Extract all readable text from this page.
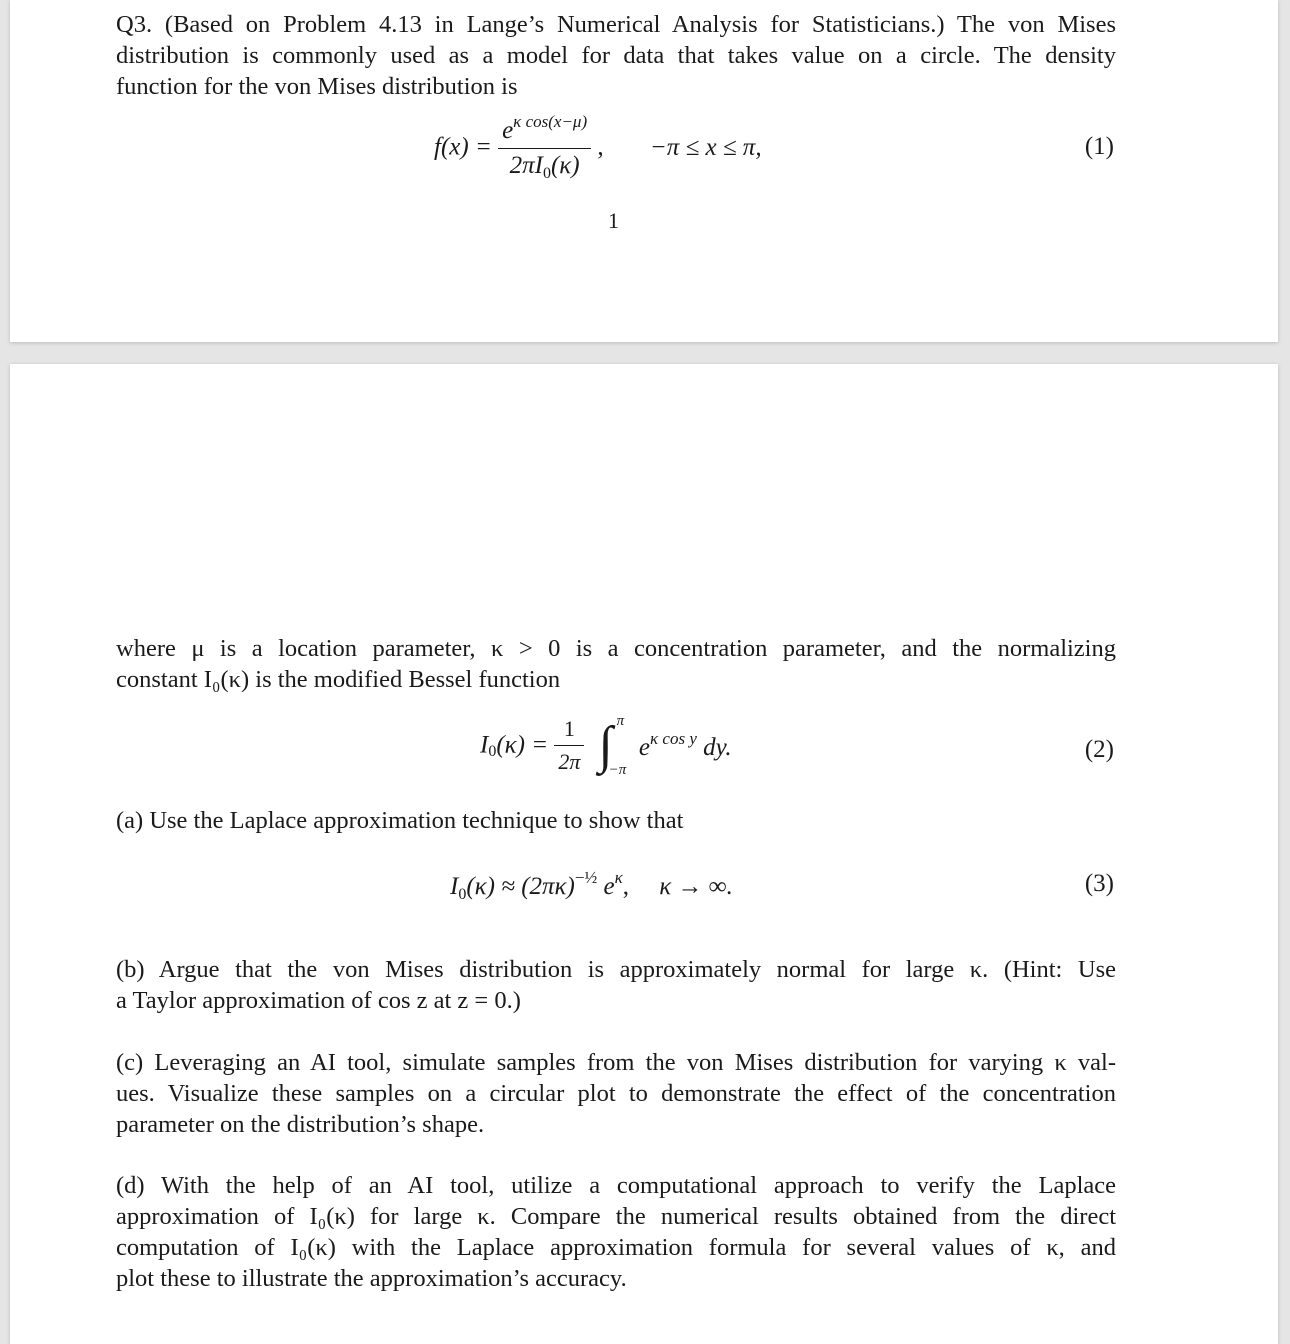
Q3. (Based on Problem 4.13 in Lange’s Numerical Analysis for Statisticians.) The von Mises
distribution is commonly used as a model for data that takes value on a circle. The density
function for the von Mises distribution is

$f(x) = \frac{e^{\kappa cos(x-\mu)}}{2\pi I_0(\kappa)}$ , −π ≤ x ≤ π,	(1)
1

where μ is a location parameter, κ > 0 is a concentration parameter, and the normalizing
constant I₀(κ) is the modified Bessel function

$I_0(\kappa) = \frac{1}{2\pi}$ ∫ π
−π
$e^{\kappa cos y}$ dy.	(2)

(a) Use the Laplace approximation technique to show that

$I_0(\kappa) \approx (2\pi\kappa)^{-\frac{1}{2}}$ $e^\kappa$, κ → ∞.	(3)

(b) Argue that the von Mises distribution is approximately normal for large κ. (Hint: Use
a Taylor approximation of cos z at z = 0.)

(c) Leveraging an AI tool, simulate samples from the von Mises distribution for varying κ val-
ues. Visualize these samples on a circular plot to demonstrate the effect of the concentration
parameter on the distribution’s shape.

(d) With the help of an AI tool, utilize a computational approach to verify the Laplace
approximation of I₀(κ) for large κ. Compare the numerical results obtained from the direct
computation of I₀(κ) with the Laplace approximation formula for several values of κ, and
plot these to illustrate the approximation’s accuracy.
